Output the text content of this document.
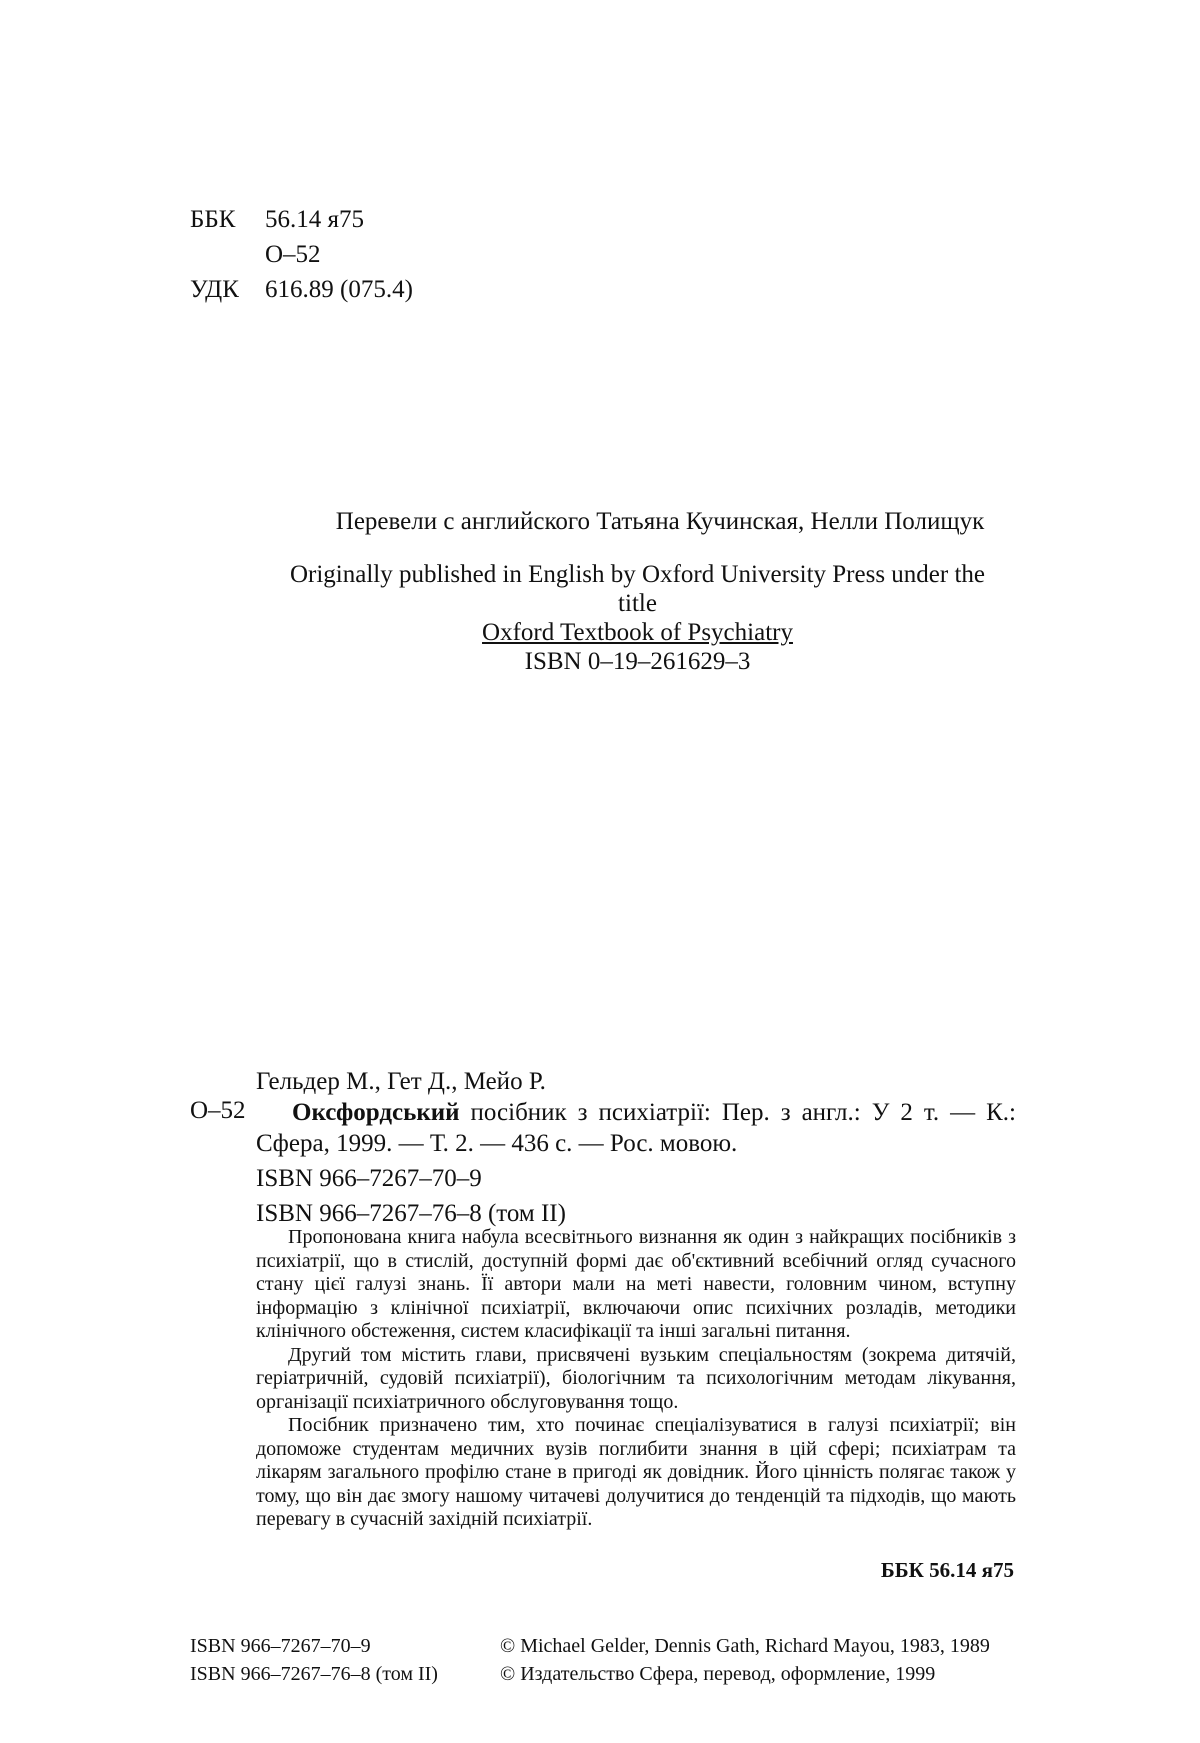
ББК	56.14 я75
О–52
УДК	616.89 (075.4)
Перевели с английского Татьяна Кучинская, Нелли Полищук
Originally published in English by Oxford University Press under the title
Oxford Textbook of Psychiatry
ISBN 0–19–261629–3
О–52
Гельдер М., Гет Д., Мейо Р.
Оксфордський посібник з психіатрії: Пер. з англ.: У 2 т. — К.: Сфера, 1999. — Т. 2. — 436 с. — Рос. мовою.
ISBN 966–7267–70–9
ISBN 966–7267–76–8 (том II)

Пропонована книга набула всесвітнього визнання як один з найкращих посібників з психіатрії, що в стислій, доступній формі дає об'єктивний всебічний огляд сучасного стану цієї галузі знань. Її автори мали на меті навести, головним чином, вступну інформацію з клінічної психіатрії, включаючи опис психічних розладів, методики клінічного обстеження, систем класифікації та інші загальні питання.

Другий том містить глави, присвячені вузьким спеціальностям (зокрема дитячій, геріатричній, судовій психіатрії), біологічним та психологічним методам лікування, організації психіатричного обслуговування тощо.

Посібник призначено тим, хто починає спеціалізуватися в галузі психіатрії; він допоможе студентам медичних вузів поглибити знання в цій сфері; психіатрам та лікарям загального профілю стане в пригоді як довідник. Його цінність полягає також у тому, що він дає змогу нашому читачеві долучитися до тенденцій та підходів, що мають перевагу в сучасній західній психіатрії.

ББК 56.14 я75
ISBN 966–7267–70–9
ISBN 966–7267–76–8 (том II)
© Michael Gelder, Dennis Gath, Richard Mayou, 1983, 1989
© Издательство Сфера, перевод, оформление, 1999
